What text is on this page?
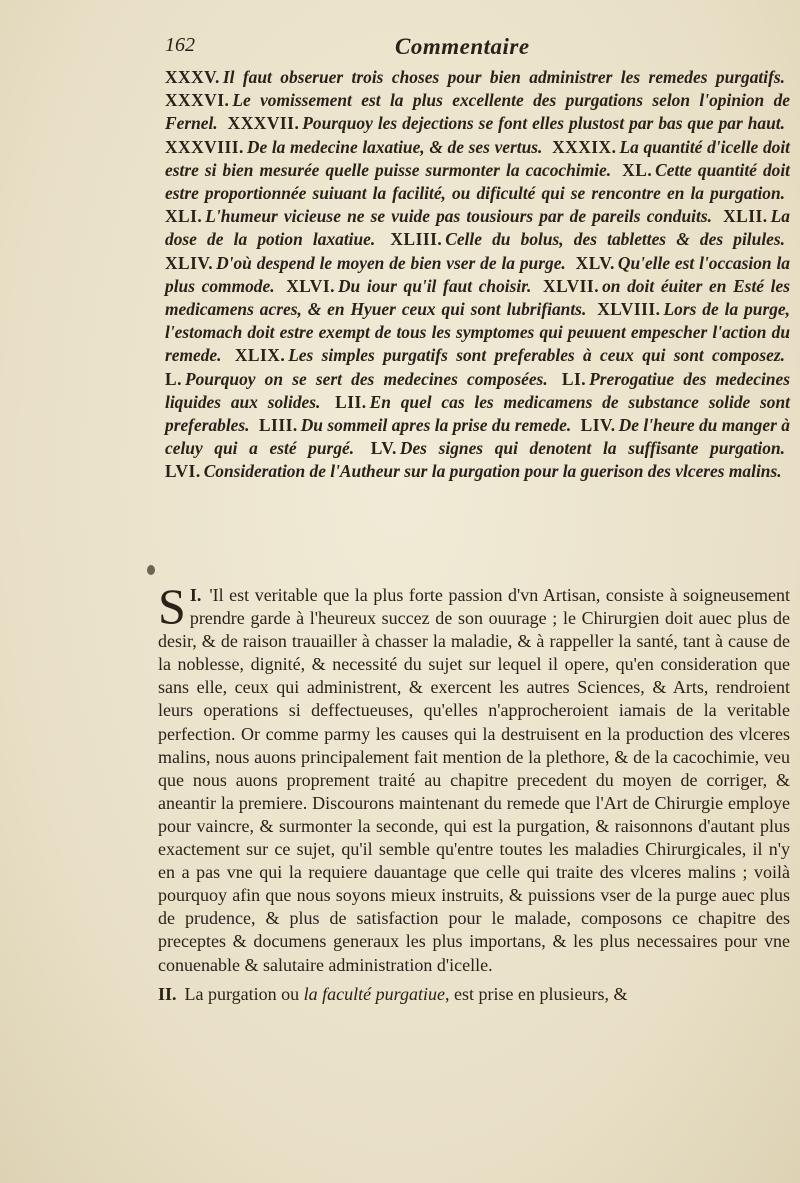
162	Commentaire
XXXV. Il faut obseruer trois choses pour bien administrer les remedes purgatifs. XXXVI. Le vomissement est la plus excellente des purgations selon l'opinion de Fernel. XXXVII. Pourquoy les dejections se font elles plustost par bas que par haut. XXXVIII. De la medecine laxatiue, & de ses vertus. XXXIX. La quantité d'icelle doit estre si bien mesurée quelle puisse surmonter la cacochimie. XL. Cette quantité doit estre proportionnée suiuant la facilité, ou dificulté qui se rencontre en la purgation. XLI. L'humeur vicieuse ne se vuide pas tousiours par de pareils conduits. XLII. La dose de la potion laxatiue. XLIII. Celle du bolus, des tablettes & des pilules. XLIV. D'où despend le moyen de bien vser de la purge. XLV. Qu'elle est l'occasion la plus commode. XLVI. Du iour qu'il faut choisir. XLVII. on doit éuiter en Esté les medicamens acres, & en Hyuer ceux qui sont lubrifiants. XLVIII. Lors de la purge, l'estomach doit estre exempt de tous les symptomes qui peuuent empescher l'action du remede. XLIX. Les simples purgatifs sont preferables à ceux qui sont composez. L. Pourquoy on se sert des medecines composées. LI. Prerogatiue des medecines liquides aux solides. LII. En quel cas les medicamens de substance solide sont preferables. LIII. Du sommeil apres la prise du remede. LIV. De l'heure du manger à celuy qui a esté purgé. LV. Des signes qui denotent la suffisante purgation. LVI. Consideration de l'Autheur sur la purgation pour la guerison des vlceres malins.

I.
S 'Il est veritable que la plus forte passion d'vn Artisan, consiste à soigneusement prendre garde à l'heureux succez de son ouurage ; le Chirurgien doit auec plus de desir, & de raison trauailler à chasser la maladie, & à rappeller la santé, tant à cause de la noblesse, dignité, & necessité du sujet sur lequel il opere, qu'en consideration que sans elle, ceux qui administrent, & exercent les autres Sciences, & Arts, rendroient leurs operations si deffectueuses, qu'elles n'approcheroient iamais de la veritable perfection. Or comme parmy les causes qui la destruisent en la production des vlceres malins, nous auons principalement fait mention de la plethore, & de la cacochimie, veu que nous auons proprement traité au chapitre precedent du moyen de corriger, & aneantir la premiere. Discourons maintenant du remede que l'Art de Chirurgie employe pour vaincre, & surmonter la seconde, qui est la purgation, & raisonnons d'autant plus exactement sur ce sujet, qu'il semble qu'entre toutes les maladies Chirurgicales, il n'y en a pas vne qui la requiere dauantage que celle qui traite des vlceres malins ; voilà pourquoy afin que nous soyons mieux instruits, & puissions vser de la purge auec plus de prudence, & plus de satisfaction pour le malade, composons ce chapitre des preceptes & documens generaux les plus importans, & les plus necessaires pour vne conuenable & salutaire administration d'icelle.

II. La purgation ou la faculté purgatiue, est prise en plusieurs, &
